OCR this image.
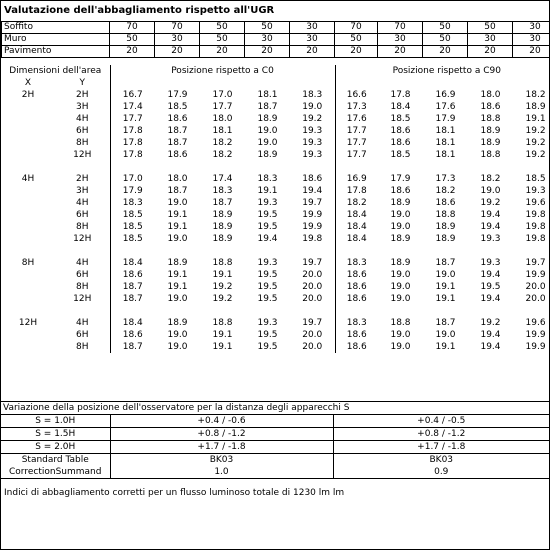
Valutazione dell'abbagliamento rispetto all'UGR
Soffito	70	70	50	50	30	70	70	50	50	30
Muro	50	30	50	30	30	50	30	50	30	30
Pavimento	20	20	20	20	20	20	20	20	20	20
Dimensioni dell'area		Posizione rispetto a C0					Posizione rispetto a C90				
X	Y										
2H	2H	16.7	17.9	17.0	18.1	18.3	16.6	17.8	16.9	18.0	18.2
	3H	17.4	18.5	17.7	18.7	19.0	17.3	18.4	17.6	18.6	18.9
	4H	17.7	18.6	18.0	18.9	19.2	17.6	18.5	17.9	18.8	19.1
	6H	17.8	18.7	18.1	19.0	19.3	17.7	18.6	18.1	18.9	19.2
	8H	17.8	18.7	18.2	19.0	19.3	17.7	18.6	18.1	18.9	19.2
	12H	17.8	18.6	18.2	18.9	19.3	17.7	18.5	18.1	18.8	19.2

4H	2H	17.0	18.0	17.4	18.3	18.6	16.9	17.9	17.3	18.2	18.5
	3H	17.9	18.7	18.3	19.1	19.4	17.8	18.6	18.2	19.0	19.3
	4H	18.3	19.0	18.7	19.3	19.7	18.2	18.9	18.6	19.2	19.6
	6H	18.5	19.1	18.9	19.5	19.9	18.4	19.0	18.8	19.4	19.8
	8H	18.5	19.1	18.9	19.5	19.9	18.4	19.0	18.9	19.4	19.8
	12H	18.5	19.0	18.9	19.4	19.8	18.4	18.9	18.9	19.3	19.8

8H	4H	18.4	18.9	18.8	19.3	19.7	18.3	18.9	18.7	19.3	19.7
	6H	18.6	19.1	19.1	19.5	20.0	18.6	19.0	19.0	19.4	19.9
	8H	18.7	19.1	19.2	19.5	20.0	18.6	19.0	19.1	19.5	20.0
	12H	18.7	19.0	19.2	19.5	20.0	18.6	19.0	19.1	19.4	20.0

12H	4H	18.4	18.9	18.8	19.3	19.7	18.3	18.8	18.7	19.2	19.6
	6H	18.6	19.0	19.1	19.5	20.0	18.6	19.0	19.0	19.4	19.9
	8H	18.7	19.0	19.1	19.5	20.0	18.6	19.0	19.1	19.4	19.9
Variazione della posizione dell'osservatore per la distanza degli apparecchi S		
S = 1.0H	+0.4 / -0.6	+0.4 / -0.5
S = 1.5H	+0.8 / -1.2	+0.8 / -1.2
S = 2.0H	+1.7 / -1.8	+1.7 / -1.8
Standard Table	BK03	BK03
CorrectionSummand	1.0	0.9
Indici di abbagliamento corretti per un flusso luminoso totale di 1230 lm lm
